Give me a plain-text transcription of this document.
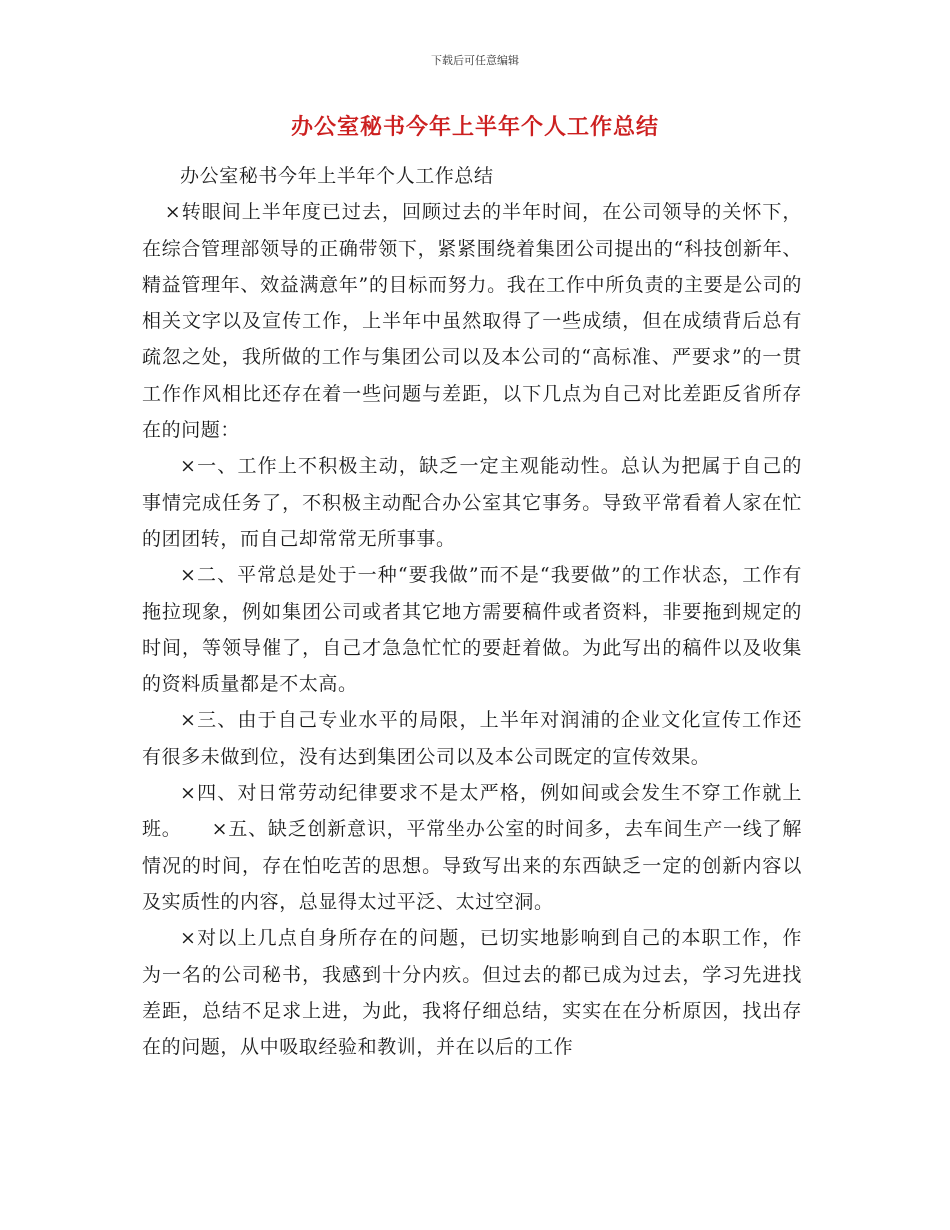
下载后可任意编辑
办公室秘书今年上半年个人工作总结

办公室秘书今年上半年个人工作总结

×转眼间上半年度已过去，回顾过去的半年时间，在公司领导的关怀下，在综合管理部领导的正确带领下，紧紧围绕着集团公司提出的“科技创新年、精益管理年、效益满意年”的目标而努力。我在工作中所负责的主要是公司的相关文字以及宣传工作，上半年中虽然取得了一些成绩，但在成绩背后总有疏忽之处，我所做的工作与集团公司以及本公司的“高标准、严要求”的一贯工作作风相比还存在着一些问题与差距，以下几点为自己对比差距反省所存在的问题：

×一、工作上不积极主动，缺乏一定主观能动性。总认为把属于自己的事情完成任务了，不积极主动配合办公室其它事务。导致平常看着人家在忙的团团转，而自己却常常无所事事。

×二、平常总是处于一种“要我做”而不是“我要做”的工作状态，工作有拖拉现象，例如集团公司或者其它地方需要稿件或者资料，非要拖到规定的时间，等领导催了，自己才急急忙忙的要赶着做。为此写出的稿件以及收集的资料质量都是不太高。

×三、由于自己专业水平的局限，上半年对润浦的企业文化宣传工作还有很多未做到位，没有达到集团公司以及本公司既定的宣传效果。

×四、对日常劳动纪律要求不是太严格，例如间或会发生不穿工作就上班。　　×五、缺乏创新意识，平常坐办公室的时间多，去车间生产一线了解情况的时间，存在怕吃苦的思想。导致写出来的东西缺乏一定的创新内容以及实质性的内容，总显得太过平泛、太过空洞。

×对以上几点自身所存在的问题，已切实地影响到自己的本职工作，作为一名的公司秘书，我感到十分内疚。但过去的都已成为过去，学习先进找差距，总结不足求上进，为此，我将仔细总结，实实在在分析原因，找出存在的问题，从中吸取经验和教训，并在以后的工作
